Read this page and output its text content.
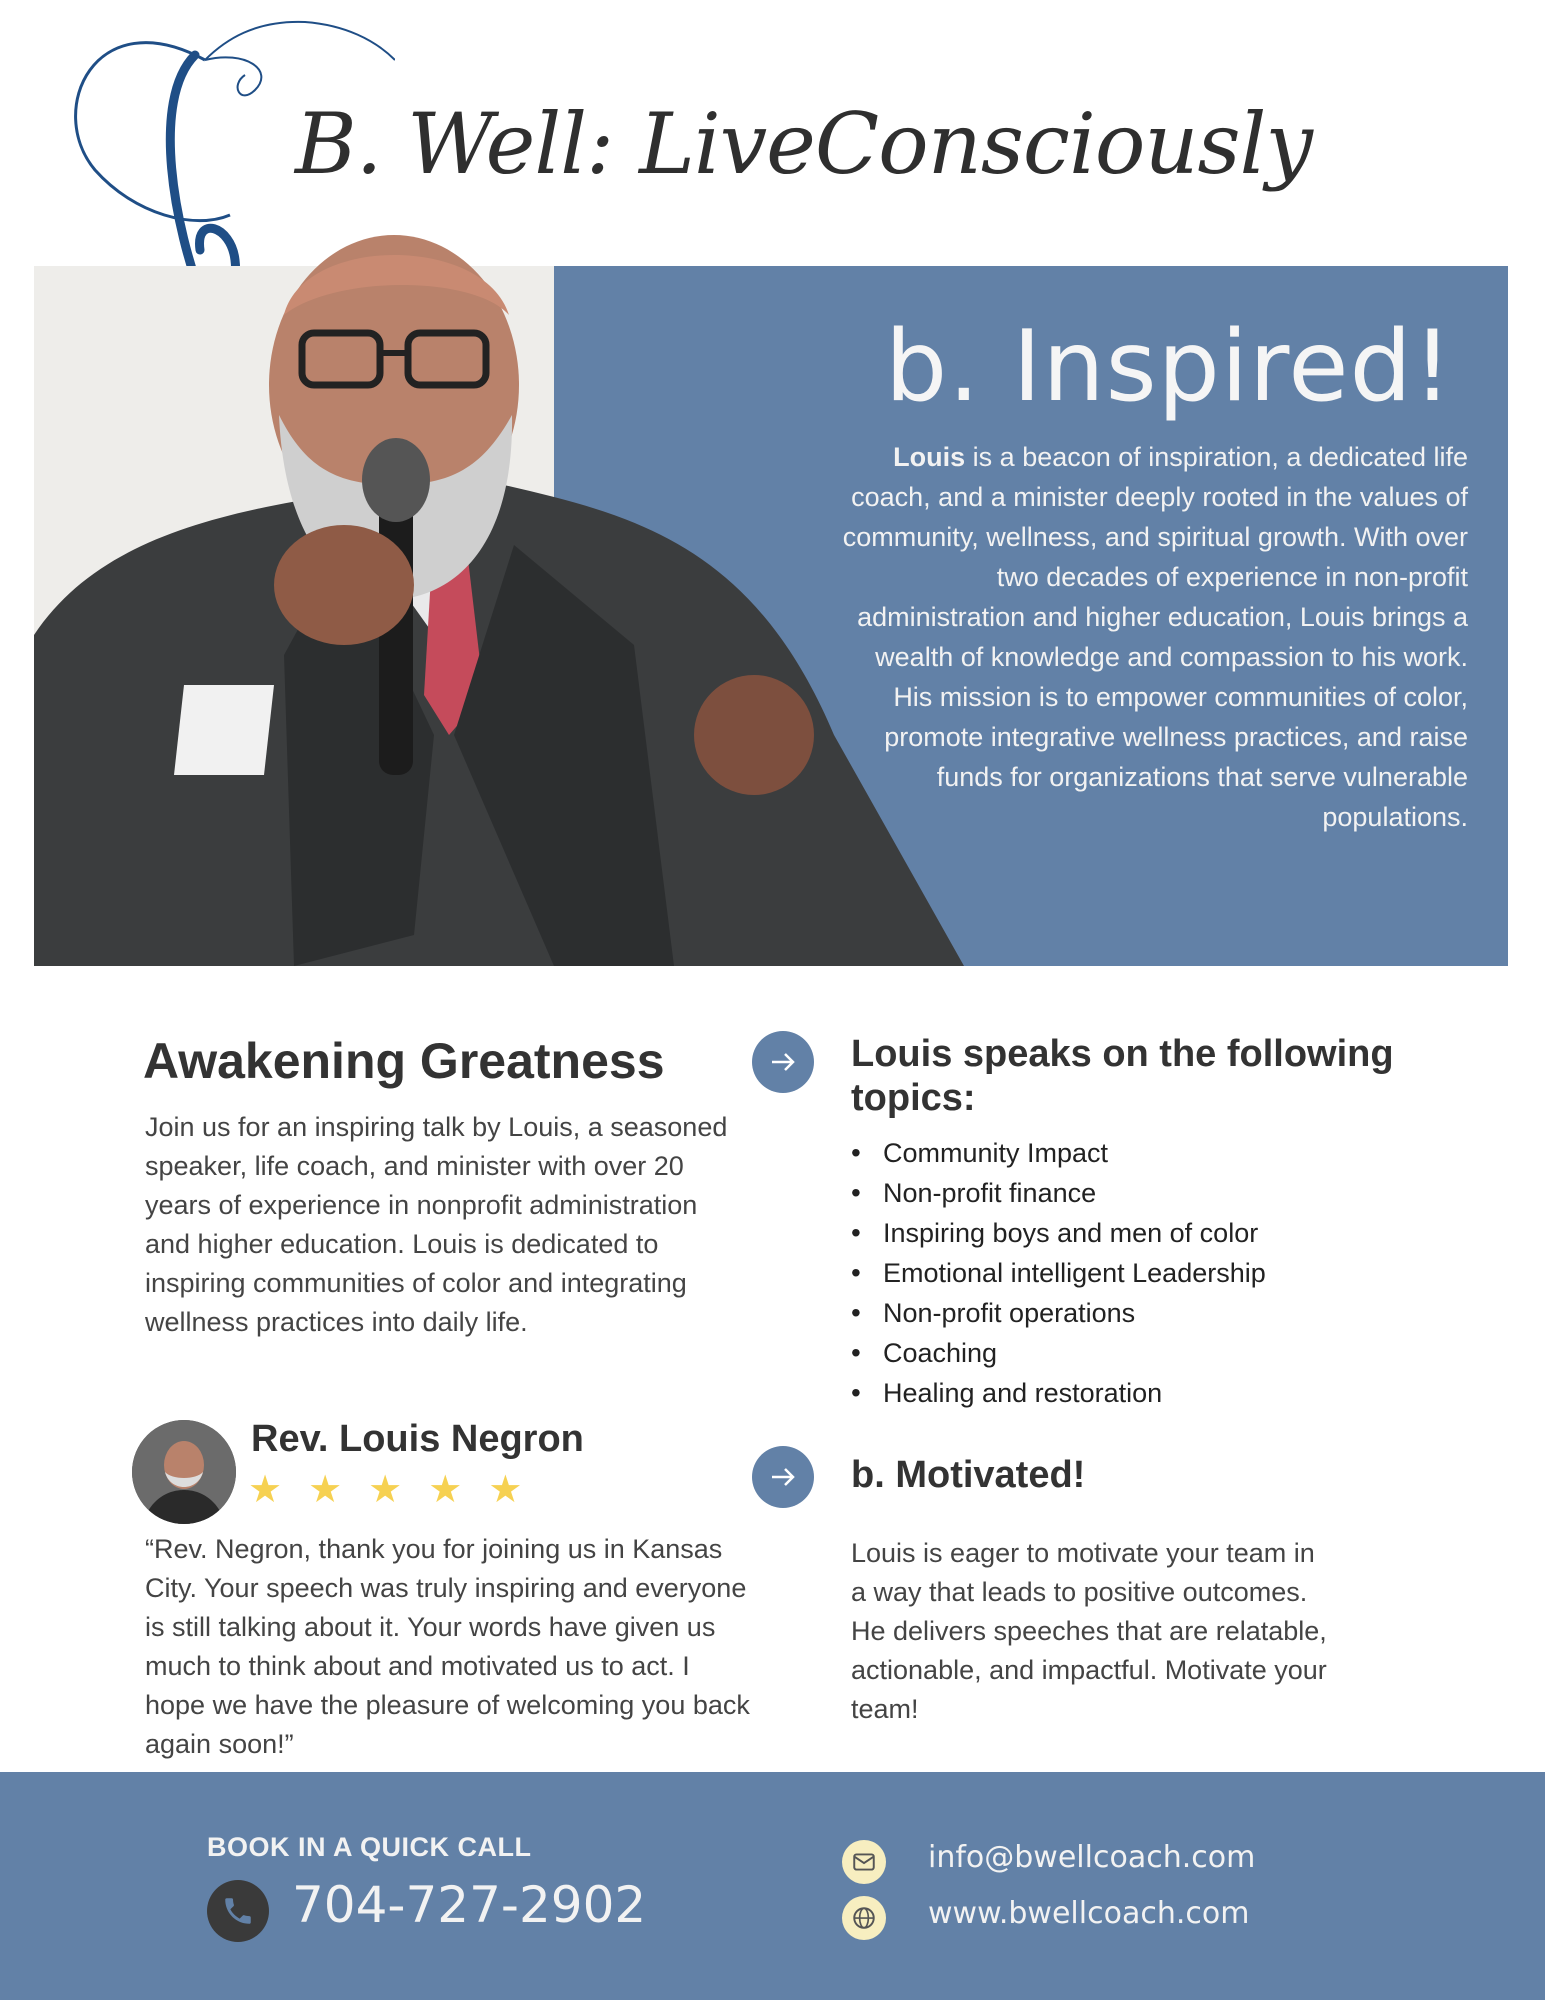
B. Well: LiveConsciously
b. Inspired!
Louis is a beacon of inspiration, a dedicated life coach, and a minister deeply rooted in the values of community, wellness, and spiritual growth. With over two decades of experience in non-profit administration and higher education, Louis brings a wealth of knowledge and compassion to his work. His mission is to empower communities of color, promote integrative wellness practices, and raise funds for organizations that serve vulnerable populations.
Awakening Greatness
Join us for an inspiring talk by Louis, a seasoned speaker, life coach, and minister with over 20 years of experience in nonprofit administration and higher education. Louis is dedicated to inspiring communities of color and integrating wellness practices into daily life.
Rev. Louis Negron
★ ★ ★ ★ ★
“Rev. Negron, thank you for joining us in Kansas City. Your speech was truly inspiring and everyone is still talking about it. Your words have given us much to think about and motivated us to act. I hope we have the pleasure of welcoming you back again soon!”
Louis speaks on the following topics:
• Community Impact
• Non-profit finance
• Inspiring boys and men of color
• Emotional intelligent Leadership
• Non-profit operations
• Coaching
• Healing and restoration
b. Motivated!
Louis is eager to motivate your team in a way that leads to positive outcomes. He delivers speeches that are relatable, actionable, and impactful. Motivate your team!
BOOK IN A QUICK CALL
704-727-2902
info@bwellcoach.com
www.bwellcoach.com
